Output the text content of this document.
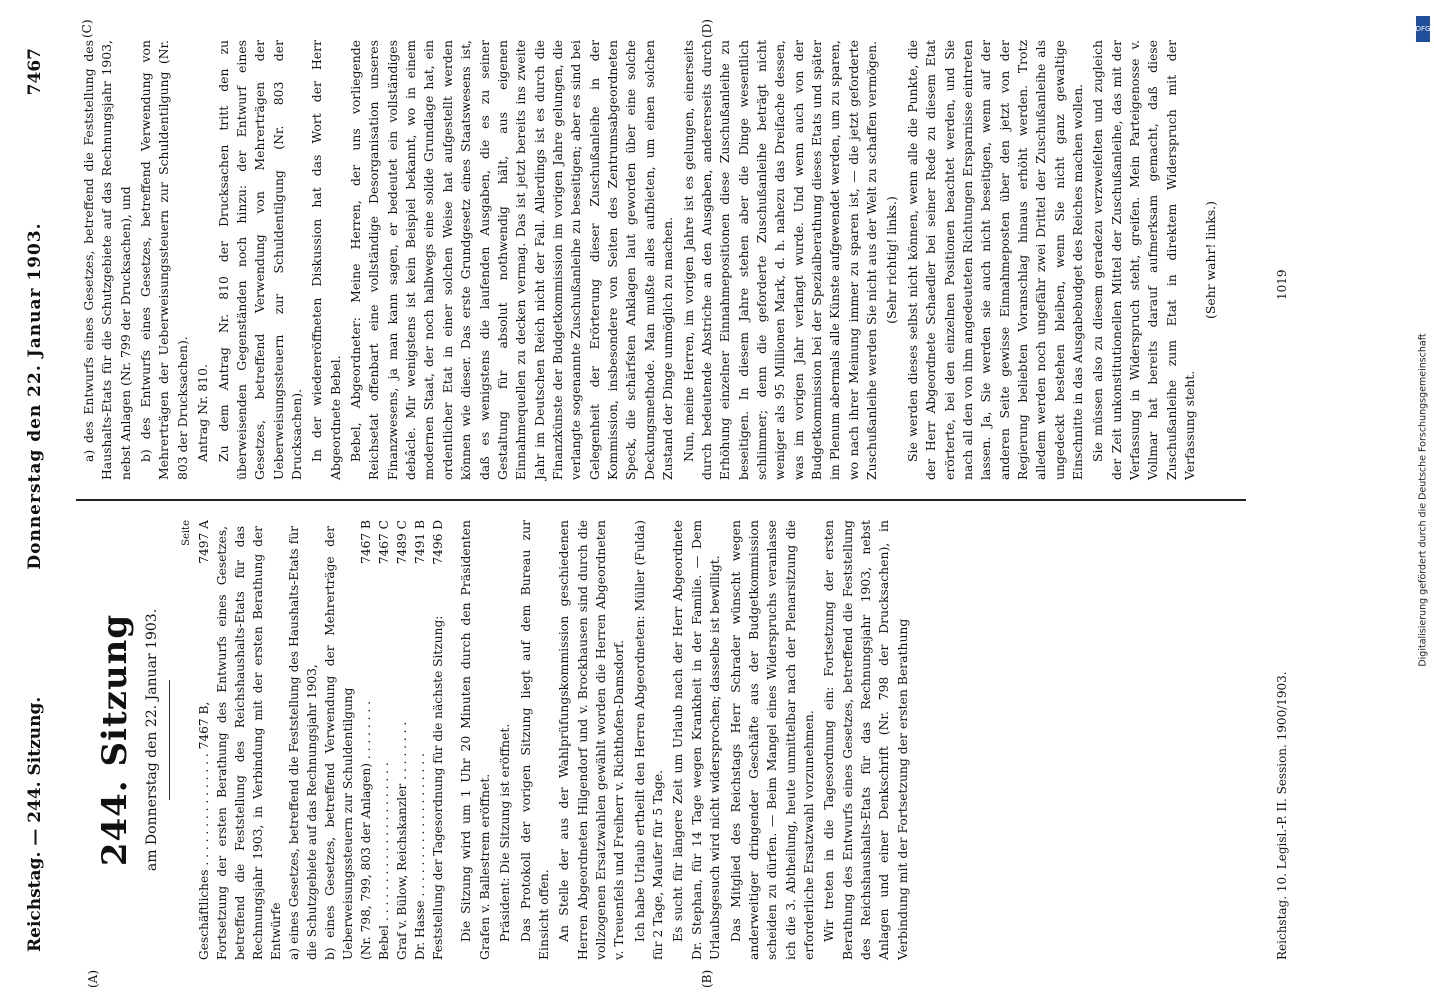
Reichstag. — 244. Sitzung.
Donnerstag den 22. Januar 1903.
7467
(A)	(B)
(C)	(D)
244. Sitzung am Donnerstag den 22. Januar 1903.
Seite
Geschäftliches . . . . . . . . . . . . . . . 7467 B,
7497 A Fortsetzung der ersten Berathung des Entwurfs eines Gesetzes, betreffend die Feststellung des Reichshaushalts-Etats für das Rechnungsjahr 1903, in Verbindung mit der ersten Berathung der Entwürfe a) eines Gesetzes, betreffend die Feststellung des Haushalts-Etats für die Schutzgebiete auf das Rechnungsjahr 1903, b) eines Gesetzes, betreffend Verwendung der Mehrerträge der Ueberweisungssteuern zur Schuldentilgung (Nr. 798, 799, 803 der Anlagen) . . . . . . . .
7467 B
Bebel . . . . . . . . . . . . . . . . . . . . .
7467 C
Graf v. Bülow, Reichskanzler . . . . . . . .
7489 C
Dr. Hasse . . . . . . . . . . . . . . . . . . .
7491 B
Feststellung der Tagesordnung für die nächste Sitzung:
7496 D Die Sitzung wird um 1 Uhr 20 Minuten durch den Präsidenten Grafen v. Ballestrem eröffnet. Präsident: Die Sitzung ist eröffnet. Das Protokoll der vorigen Sitzung liegt auf dem Bureau zur Einsicht offen. An Stelle der aus der Wahlprüfungskommission geschiedenen Herren Abgeordneten Hilgendorf und v. Brockhausen sind durch die vollzogenen Ersatzwahlen gewählt worden die Herren Abgeordneten v. Treuenfels und Freiherr v. Richthofen-Damsdorf. Ich habe Urlaub ertheilt den Herren Abgeordneten: Müller (Fulda) für 2 Tage, Maufer für 5 Tage. Es sucht für längere Zeit um Urlaub nach der Herr Abgeordnete Dr. Stephan, für 14 Tage wegen Krankheit in der Familie. — Dem Urlaubsgesuch wird nicht widersprochen; dasselbe ist bewilligt. Das Mitglied des Reichstags Herr Schrader wünscht wegen anderweitiger dringender Geschäfte aus der Budgetkommission scheiden zu dürfen. — Beim Mangel eines Widerspruchs veranlasse ich die 3. Abtheilung, heute unmittelbar nach der Plenarsitzung die erforderliche Ersatzwahl vorzunehmen. Wir treten in die Tagesordnung ein: Fortsetzung der ersten Berathung des Entwurfs eines Gesetzes, betreffend die Feststellung des Reichshaushalts-Etats für das Rechnungsjahr 1903, nebst Anlagen und einer Denkschrift (Nr. 798 der Drucksachen), in Verbindung mit der Fortsetzung der ersten Berathung

a) des Entwurfs eines Gesetzes, betreffend die Feststellung des Haushalts-Etats für die Schutzgebiete auf das Rechnungsjahr 1903, nebst Anlagen (Nr. 799 der Drucksachen), und b) des Entwurfs eines Gesetzes, betreffend Verwendung von Mehrerträgen der Ueberweisungssteuern zur Schuldentilgung (Nr. 803 der Drucksachen). Antrag Nr. 810. Zu dem Antrag Nr. 810 der Drucksachen tritt den zu überweisenden Gegenständen noch hinzu: der Entwurf eines Gesetzes, betreffend Verwendung von Mehrerträgen der Ueberweisungssteuern zur Schuldentilgung (Nr. 803 der Drucksachen). In der wiedereröffneten Diskussion hat das Wort der Herr Abgeordnete Bebel. Bebel, Abgeordneter: Meine Herren, der uns vorliegende Reichsetat offenbart eine vollständige Desorganisation unseres Finanzwesens, ja man kann sagen, er bedeutet ein vollständiges debâcle. Mir wenigstens ist kein Beispiel bekannt, wo in einem modernen Staat, der noch halbwegs eine solide Grundlage hat, ein ordentlicher Etat in einer solchen Weise hat aufgestellt werden können wie dieser. Das erste Grundgesetz eines Staatswesens ist, daß es wenigstens die laufenden Ausgaben, die es zu seiner Gestaltung für absolut nothwendig hält, aus eigenen Einnahmequellen zu decken vermag. Das ist jetzt bereits ins zweite Jahr im Deutschen Reich nicht der Fall. Allerdings ist es durch die Finanzkünste der Budgetkommission im vorigen Jahre gelungen, die verlangte sogenannte Zuschußanleihe zu beseitigen; aber es sind bei Gelegenheit der Erörterung dieser Zuschußanleihe in der Kommission, insbesondere von Seiten des Zentrumsabgeordneten Speck, die schärfsten Anklagen laut geworden über eine solche Deckungsmethode. Man mußte alles aufbieten, um einen solchen Zustand der Dinge unmöglich zu machen. Nun, meine Herren, im vorigen Jahre ist es gelungen, einerseits durch bedeutende Abstriche an den Ausgaben, andererseits durch Erhöhung einzelner Einnahmepositionen diese Zuschußanleihe zu beseitigen. In diesem Jahre stehen aber die Dinge wesentlich schlimmer; denn die geforderte Zuschußanleihe beträgt nicht weniger als 95 Millionen Mark, d. h. nahezu das Dreifache dessen, was im vorigen Jahr verlangt wurde. Und wenn auch von der Budgetkommission bei der Spezialberathung dieses Etats und später im Plenum abermals alle Künste aufgewendet werden, um zu sparen, wo nach ihrer Meinung immer zu sparen ist, — die jetzt geforderte Zuschußanleihe werden Sie nicht aus der Welt zu schaffen vermögen. (Sehr richtig! links.) Sie werden dieses selbst nicht können, wenn alle die Punkte, die der Herr Abgeordnete Schaedler bei seiner Rede zu diesem Etat erörterte, bei den einzelnen Positionen beachtet werden, und Sie nach all den von ihm angedeuteten Richtungen Ersparnisse eintreten lassen. Ja, Sie werden sie auch nicht beseitigen, wenn auf der anderen Seite gewisse Einnahmeposten über den jetzt von der Regierung beliebten Voranschlag hinaus erhöht werden. Trotz alledem werden noch ungefähr zwei Drittel der Zuschußanleihe als ungedeckt bestehen bleiben, wenn Sie nicht ganz gewaltige Einschnitte in das Ausgabebudget des Reiches machen wollen. Sie müssen also zu diesem geradezu verzweifelten und zugleich der Zeit unkonstitutionellen Mittel der Zuschußanleihe, das mit der Verfassung in Widerspruch steht, greifen. Mein Parteigenosse v. Vollmar hat bereits darauf aufmerksam gemacht, daß diese Zuschußanleihe zum Etat in direktem Widerspruch mit der Verfassung steht.

(Sehr wahr! links.)

Reichstag. 10. Legisl.-P. II. Session. 1900/1903.
1019
DFG
Digitalisierung gefördert durch die Deutsche Forschungsgemeinschaft
